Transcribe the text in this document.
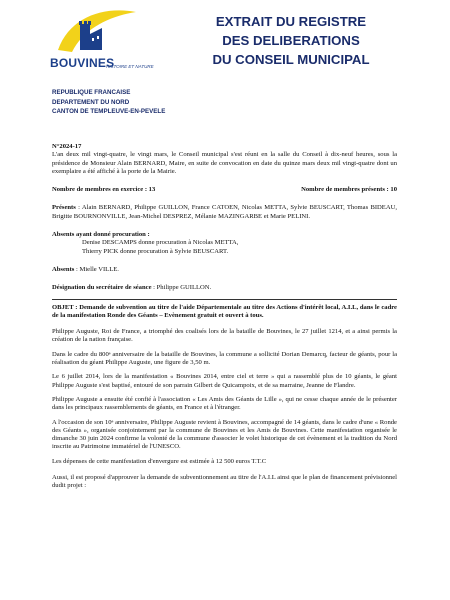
BOUVINES
HISTOIRE ET NATURE
EXTRAIT DU REGISTRE
DES DELIBERATIONS
DU CONSEIL MUNICIPAL
REPUBLIQUE FRANCAISE
DEPARTEMENT DU NORD
CANTON DE TEMPLEUVE-EN-PEVELE

N°2024-17

L'an deux mil vingt-quatre, le vingt mars, le Conseil municipal s'est réuni en la salle du Conseil à dix-neuf heures, sous la présidence de Monsieur Alain BERNARD, Maire, en suite de convocation en date du quinze mars deux mil vingt-quatre dont un exemplaire a été affiché à la porte de la Mairie.

Nombre de membres en exercice : 13	Nombre de membres présents : 10

Présents : Alain BERNARD, Philippe GUILLON, France CATOEN, Nicolas METTA, Sylvie BEUSCART, Thomas BIDEAU, Brigitte BOURNONVILLE, Jean-Michel DESPREZ, Mélanie MAZINGARBE et Marie PELINI.

Absents ayant donné procuration :

Denise DESCAMPS donne procuration à Nicolas METTA,

Thierry PICK donne procuration à Sylvie BEUSCART.

Absents : Mielle VILLE.

Désignation du secrétaire de séance : Philippe GUILLON.

OBJET : Demande de subvention au titre de l'aide Départementale au titre des Actions d'intérêt local, A.I.L, dans le cadre de la manifestation Ronde des Géants – Evènement gratuit et ouvert à tous.

Philippe Auguste, Roi de France, a triomphé des coalisés lors de la bataille de Bouvines, le 27 juillet 1214, et a ainsi permis la création de la nation française.

Dans le cadre du 800ᵉ anniversaire de la bataille de Bouvines, la commune a sollicité Dorian Demarcq, facteur de géants, pour la réalisation du géant Philippe Auguste, une figure de 3,50 m.

Le 6 juillet 2014, lors de la manifestation « Bouvines 2014, entre ciel et terre » qui a rassemblé plus de 10 géants, le géant Philippe Auguste s'est baptisé, entouré de son parrain Gilbert de Quicampoix, et de sa marraine, Jeanne de Flandre.

Philippe Auguste a ensuite été confié à l'association « Les Amis des Géants de Lille », qui ne cesse chaque année de le présenter dans les principaux rassemblements de géants, en France et à l'étranger.

A l'occasion de son 10ᵉ anniversaire, Philippe Auguste revient à Bouvines, accompagné de 14 géants, dans le cadre d'une « Ronde des Géants », organisée conjointement par la commune de Bouvines et les Amis de Bouvines. Cette manifestation organisée le dimanche 30 juin 2024 confirme la volonté de la commune d'associer le volet historique de cet évènement et la tradition du Nord inscrite au Patrimoine immatériel de l'UNESCO.

Les dépenses de cette manifestation d'envergure est estimée à 12 500 euros T.T.C

Aussi, il est proposé d'approuver la demande de subventionnement au titre de l'A.I.L ainsi que le plan de financement prévisionnel dudit projet :
